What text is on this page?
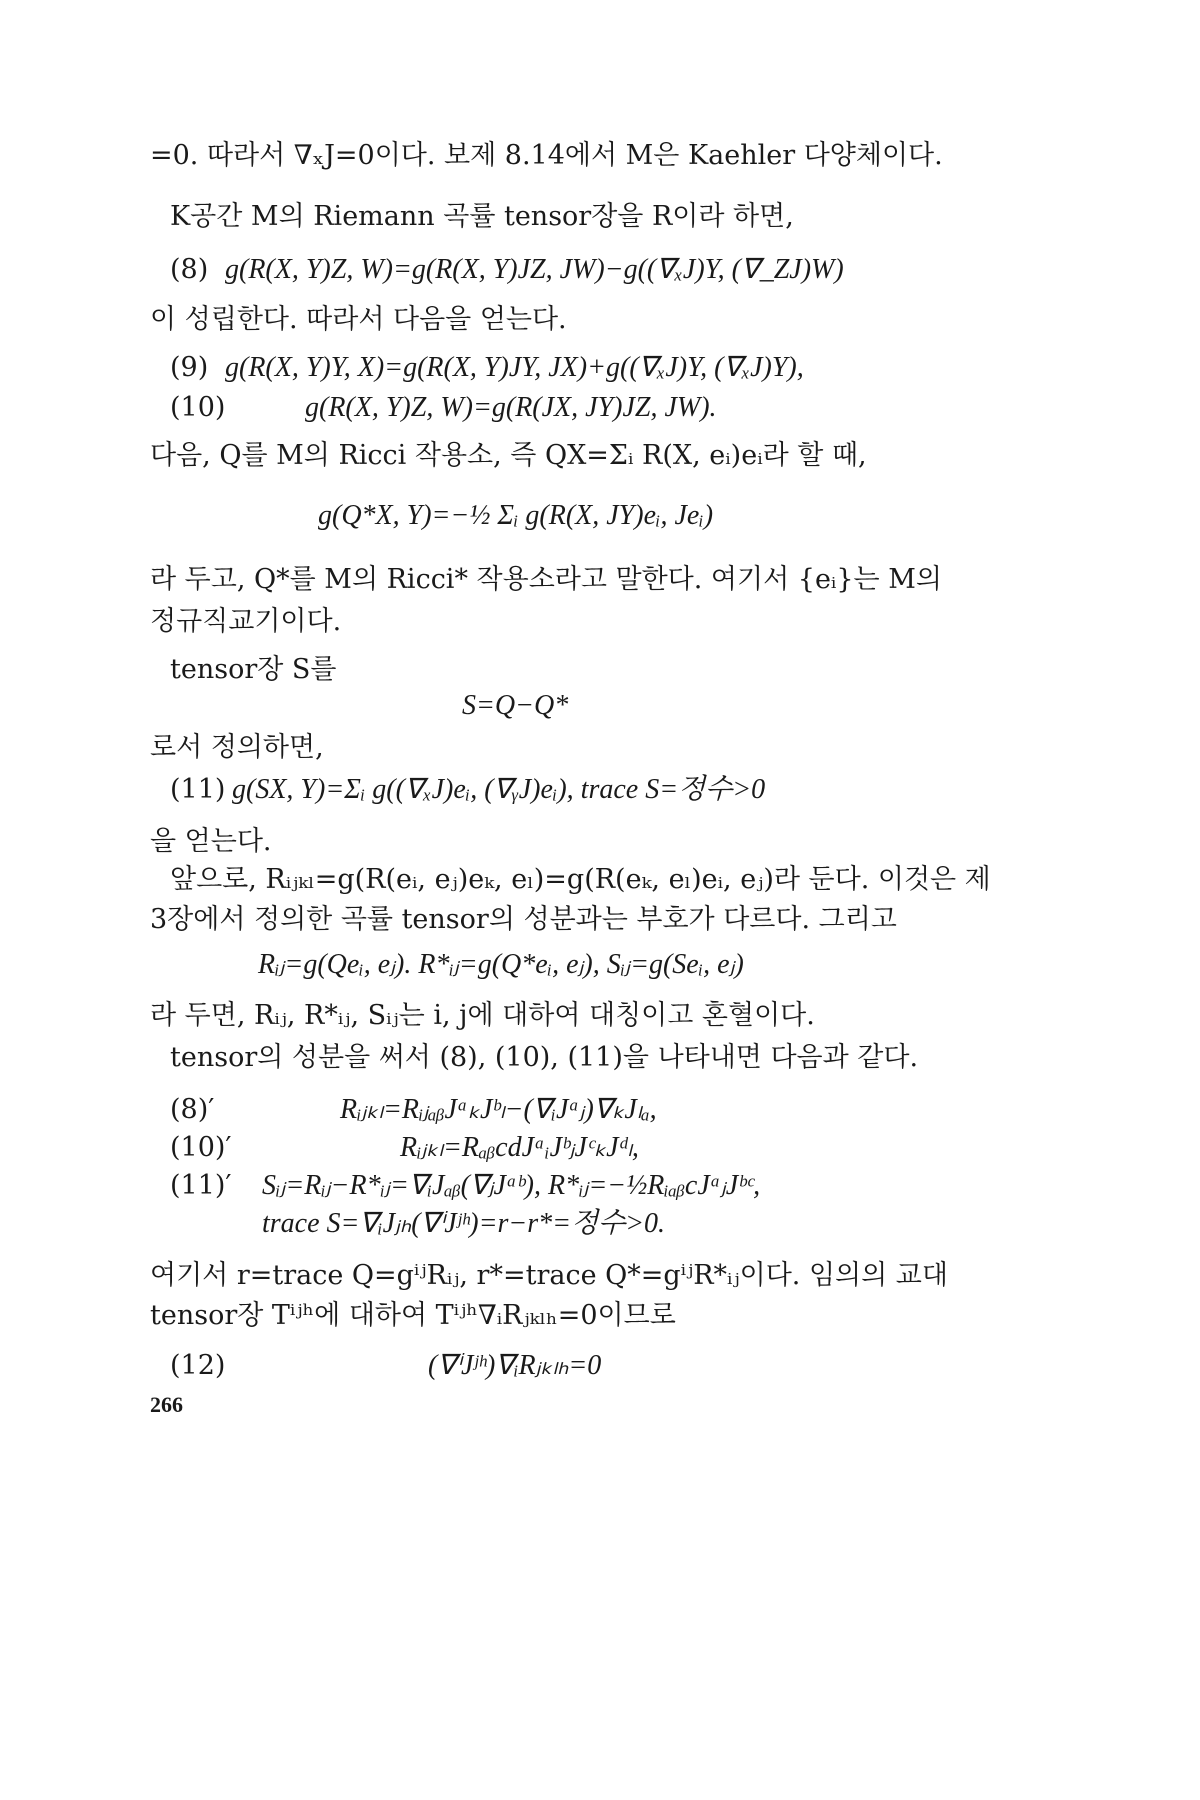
=0. 따라서 ∇ₓJ=0이다. 보제 8.14에서 M은 Kaehler 다양체이다.
K공간 M의 Riemann 곡률 tensor장을 R이라 하면,
(8) g(R(X, Y)Z, W)=g(R(X, Y)JZ, JW)−g((∇ₓJ)Y, (∇_ZJ)W)
이 성립한다. 따라서 다음을 얻는다.
(9) g(R(X, Y)Y, X)=g(R(X, Y)JY, JX)+g((∇ₓJ)Y, (∇ₓJ)Y),
(10)	g(R(X, Y)Z, W)=g(R(JX, JY)JZ, JW).
다음, Q를 M의 Ricci 작용소, 즉 QX=Σᵢ R(X, eᵢ)eᵢ라 할 때,
g(Q*X, Y)=−½ Σᵢ g(R(X, JY)eᵢ, Jeᵢ)
라 두고, Q*를 M의 Ricci* 작용소라고 말한다. 여기서 {eᵢ}는 M의
정규직교기이다.
tensor장 S를
S=Q−Q*
로서 정의하면,
(11) g(SX, Y)=Σᵢ g((∇ₓJ)eᵢ, (∇ᵧJ)eᵢ), trace S=정수>0
을 얻는다.
앞으로, Rᵢⱼₖₗ=g(R(eᵢ, eⱼ)eₖ, eₗ)=g(R(eₖ, eₗ)eᵢ, eⱼ)라 둔다. 이것은 제
3장에서 정의한 곡률 tensor의 성분과는 부호가 다르다. 그리고
Rᵢⱼ=g(Qeᵢ, eⱼ). R*ᵢⱼ=g(Q*eᵢ, eⱼ), Sᵢⱼ=g(Seᵢ, eⱼ)
라 두면, Rᵢⱼ, R*ᵢⱼ, Sᵢⱼ는 i, j에 대하여 대칭이고 혼혈이다.
tensor의 성분을 써서 (8), (10), (11)을 나타내면 다음과 같다.
(8)′	Rᵢⱼₖₗ=RᵢⱼₐᵦJᵃₖJᵇₗ−(∇ᵢJᵃⱼ)∇ₖJₗₐ,
(10)′	Rᵢⱼₖₗ=RₐᵦcdJᵃᵢJᵇⱼJᶜₖJᵈₗ,
(11)′ Sᵢⱼ=Rᵢⱼ−R*ᵢⱼ=∇ᵢJₐᵦ(∇ⱼJᵃᵇ), R*ᵢⱼ=−½RᵢₐᵦcJᵃⱼJᵇᶜ,
trace S=∇ᵢJⱼₕ(∇ⁱJʲʰ)=r−r*=정수>0.
여기서 r=trace Q=gⁱʲRᵢⱼ, r*=trace Q*=gⁱʲR*ᵢⱼ이다. 임의의 교대
tensor장 Tⁱʲʰ에 대하여 Tⁱʲʰ∇ᵢRⱼₖₗₕ=0이므로
(12)	(∇ⁱJʲʰ)∇ᵢRⱼₖₗₕ=0
266
